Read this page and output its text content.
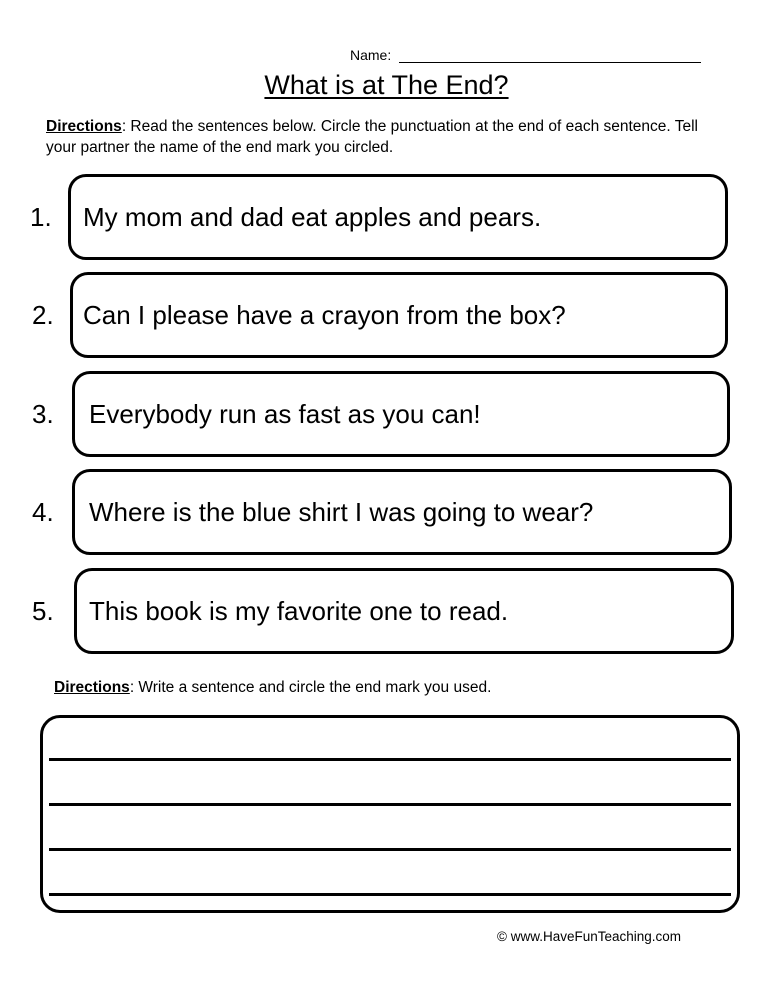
Name:
What is at The End?
Directions: Read the sentences below. Circle the punctuation at the end of each sentence. Tell your partner the name of the end mark you circled.
1. My mom and dad eat apples and pears.
2. Can I please have a crayon from the box?
3. Everybody run as fast as you can!
4. Where is the blue shirt I was going to wear?
5. This book is my favorite one to read.
Directions: Write a sentence and circle the end mark you used.
© www.HaveFunTeaching.com
